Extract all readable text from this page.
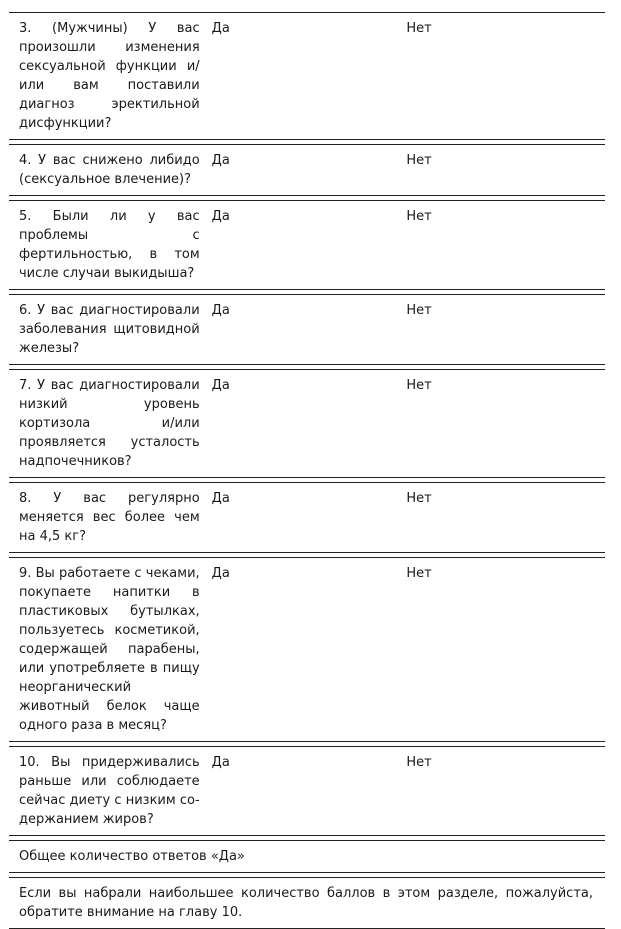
3. (Мужчины) У вас произошли изменения сексуальной функции и/или вам поставили диагноз эректильной дисфункции?	Да	Нет

4. У вас снижено либидо (сексуальное влечение)?	Да	Нет

5. Были ли у вас проблемы с фертильностью, в том числе случаи выкидыша?	Да	Нет

6. У вас диагностировали заболевания щитовидной железы?	Да	Нет

7. У вас диагностировали низкий уровень кортизола и/или проявляется усталость надпочечников?	Да	Нет

8. У вас регулярно меняется вес более чем на 4,5 кг?	Да	Нет

9. Вы работаете с чеками, покупаете напитки в пластиковых бутылках, пользуетесь косметикой, содержащей парабены, или употребляете в пищу неорганический животный белок чаще одного раза в месяц?	Да	Нет

10. Вы придерживались раньше или соблюдаете сейчас диету с низким содержанием жиров?	Да	Нет

Общее количество ответов «Да»		

Если вы набрали наибольшее количество баллов в этом разделе, пожалуйста, обратите внимание на главу 10.		
